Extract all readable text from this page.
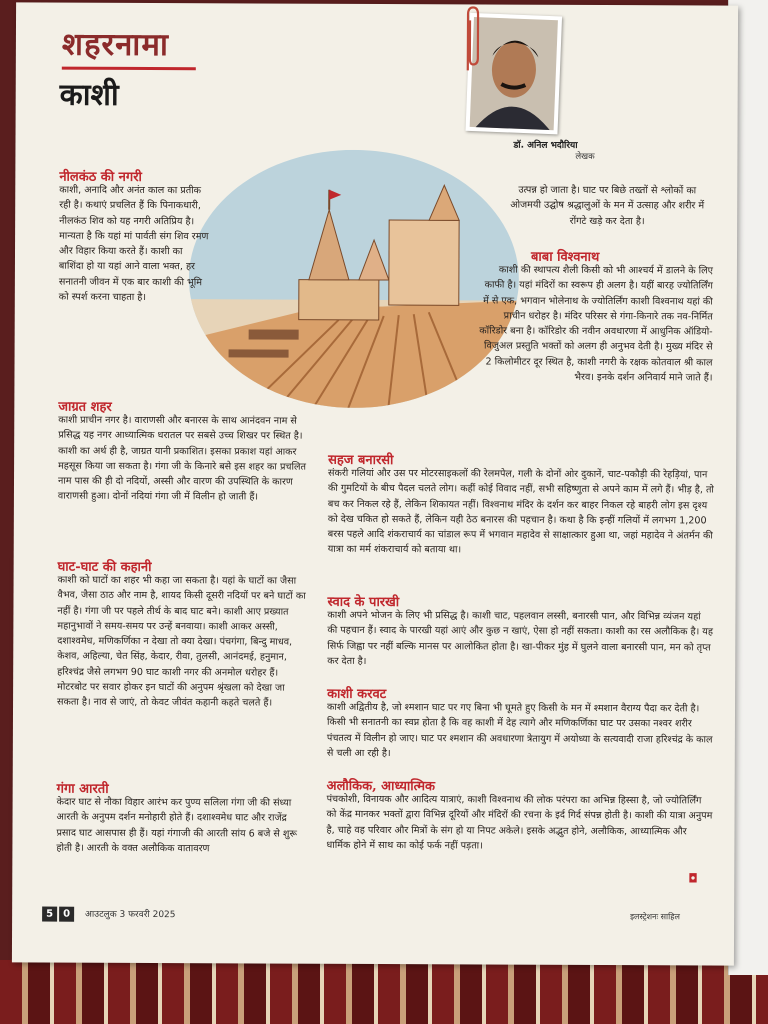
शहरनामा
काशी
डॉ. अनिल भदौरिया
लेखक
नीलकंठ की नगरी
काशी, अनादि और अनंत काल का प्रतीक रही है। कथाएं प्रचलित हैं कि पिनाकधारी, नीलकंठ शिव को यह नगरी अतिप्रिय है। मान्यता है कि यहां मां पार्वती संग शिव रमण और विहार किया करते हैं। काशी का बाशिंदा हो या यहां आने वाला भक्त, हर सनातनी जीवन में एक बार काशी की भूमि को स्पर्श करना चाहता है।
जाग्रत शहर
काशी प्राचीन नगर है। वाराणसी और बनारस के साथ आनंदवन नाम से प्रसिद्ध यह नगर आध्यात्मिक धरातल पर सबसे उच्च शिखर पर स्थित है। काशी का अर्थ ही है, जाग्रत यानी प्रकाशित। इसका प्रकाश यहां आकर महसूस किया जा सकता है। गंगा जी के किनारे बसे इस शहर का प्रचलित नाम पास की ही दो नदियों, अस्सी और वारण की उपस्थिति के कारण वाराणसी हुआ। दोनों नदियां गंगा जी में विलीन हो जाती हैं।
घाट-घाट की कहानी
काशी को घाटों का शहर भी कहा जा सकता है। यहां के घाटों का जैसा वैभव, जैसा ठाठ और नाम है, शायद किसी दूसरी नदियों पर बने घाटों का नहीं है। गंगा जी पर पहले तीर्थ के बाद घाट बने। काशी आए प्रख्यात महानुभावों ने समय-समय पर उन्हें बनवाया। काशी आकर अस्सी, दशाश्वमेध, मणिकर्णिका न देखा तो क्या देखा। पंचगंगा, बिन्दु माधव, केशव, अहिल्या, चेत सिंह, केदार, रीवा, तुलसी, आनंदमई, हनुमान, हरिश्चंद्र जैसे लगभग 90 घाट काशी नगर की अनमोल धरोहर हैं। मोटरबोट पर सवार होकर इन घाटों की अनुपम श्रृंखला को देखा जा सकता है। नाव से जाएं, तो केवट जीवंत कहानी कहते चलते हैं।
गंगा आरती
केदार घाट से नौका विहार आरंभ कर पुण्य सलिला गंगा जी की संध्या आरती के अनुपम दर्शन मनोहारी होते हैं। दशाश्वमेध घाट और राजेंद्र प्रसाद घाट आसपास ही हैं। यहां गंगाजी की आरती सांय 6 बजे से शुरू होती है। आरती के वक्त अलौकिक वातावरण
उत्पन्न हो जाता है। घाट पर बिछे तख्तों से श्लोकों का ओजमयी उद्घोष श्रद्धालुओं के मन में उत्साह और शरीर में रोंगटे खड़े कर देता है।
बाबा विश्वनाथ
काशी की स्थापत्य शैली किसी को भी आश्चर्य में डालने के लिए काफी है। यहां मंदिरों का स्वरूप ही अलग है। यहीं बारह ज्योतिर्लिंग में से एक, भगवान भोलेनाथ के ज्योतिर्लिंग काशी विश्वनाथ यहां की प्राचीन धरोहर है। मंदिर परिसर से गंगा-किनारे तक नव-निर्मित कॉरिडोर बना है। कॉरिडोर की नवीन अवधारणा में आधुनिक ऑडियो-विजुअल प्रस्तुति भक्तों को अलग ही अनुभव देती है। मुख्य मंदिर से 2 किलोमीटर दूर स्थित है, काशी नगरी के रक्षक कोतवाल श्री काल भैरव। इनके दर्शन अनिवार्य माने जाते हैं।
सहज बनारसी
संकरी गलियां और उस पर मोटरसाइकलों की रेलमपेल, गली के दोनों ओर दुकानें, चाट-पकौड़ी की रेहड़ियां, पान की गुमटियों के बीच पैदल चलते लोग। कहीं कोई विवाद नहीं, सभी सहिष्णुता से अपने काम में लगे हैं। भीड़ है, तो बच कर निकल रहे हैं, लेकिन शिकायत नहीं। विश्वनाथ मंदिर के दर्शन कर बाहर निकल रहे बाहरी लोग इस दृश्य को देख चकित हो सकते हैं, लेकिन यही ठेठ बनारस की पहचान है। कथा है कि इन्हीं गलियों में लगभग 1,200 बरस पहले आदि शंकराचार्य का चांडाल रूप में भगवान महादेव से साक्षात्कार हुआ था, जहां महादेव ने अंतर्मन की यात्रा का मर्म शंकराचार्य को बताया था।
स्वाद के पारखी
काशी अपने भोजन के लिए भी प्रसिद्ध है। काशी चाट, पहलवान लस्सी, बनारसी पान, और विभिन्न व्यंजन यहां की पहचान हैं। स्वाद के पारखी यहां आएं और कुछ न खाएं, ऐसा हो नहीं सकता। काशी का रस अलौकिक है। यह सिर्फ जिह्वा पर नहीं बल्कि मानस पर आलोकित होता है। खा-पीकर मुंह में घुलने वाला बनारसी पान, मन को तृप्त कर देता है।
काशी करवट
काशी अद्वितीय है, जो श्मशान घाट पर गए बिना भी घूमते हुए किसी के मन में श्मशान वैराग्य पैदा कर देती है। किसी भी सनातनी का स्वप्न होता है कि वह काशी में देह त्यागे और मणिकर्णिका घाट पर उसका नश्वर शरीर पंचतत्व में विलीन हो जाए। घाट पर श्मशान की अवधारणा त्रेतायुग में अयोध्या के सत्यवादी राजा हरिश्चंद्र के काल से चली आ रही है।
अलौकिक, आध्यात्मिक
पंचकोशी, विनायक और आदित्य यात्राएं, काशी विश्वनाथ की लोक परंपरा का अभिन्न हिस्सा है, जो ज्योतिर्लिंग को केंद्र मानकर भक्तों द्वारा विभिन्न दूरियों और मंदिरों की रचना के इर्द गिर्द संपन्न होती है। काशी की यात्रा अनुपम है, चाहे वह परिवार और मित्रों के संग हो या निपट अकेले। इसके अद्भुत होने, अलौकिक, आध्यात्मिक और धार्मिक होने में साथ का कोई फर्क नहीं पड़ता।
◘
5 0 आउटलुक 3 फरवरी 2025	इलस्ट्रेशनः साहिल
